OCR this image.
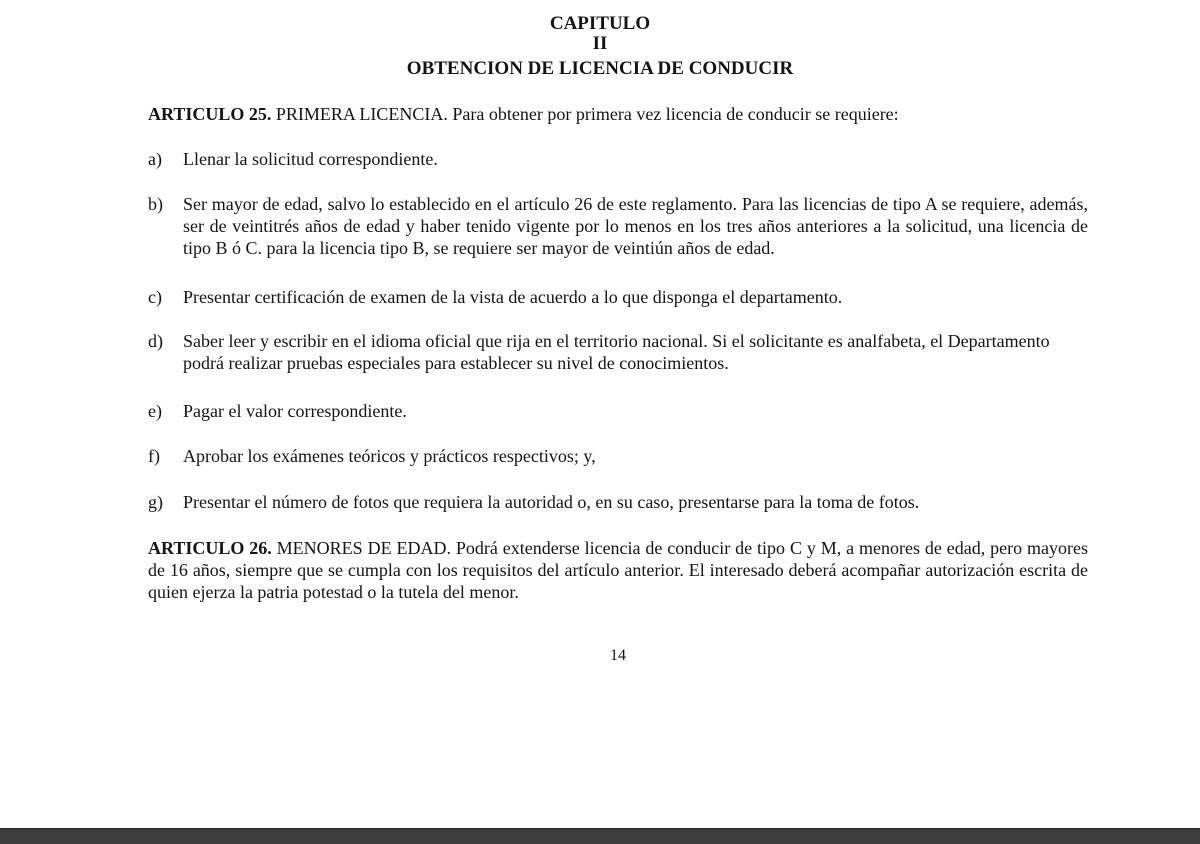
CAPITULO
II
OBTENCION DE LICENCIA DE CONDUCIR

ARTICULO 25. PRIMERA LICENCIA. Para obtener por primera vez licencia de conducir se requiere:

a)	Llenar la solicitud correspondiente.
b)	Ser mayor de edad, salvo lo establecido en el artículo 26 de este reglamento. Para las licencias de tipo A se requiere, además, ser de veintitrés años de edad y haber tenido vigente por lo menos en los tres años anteriores a la solicitud, una licencia de tipo B ó C. para la licencia tipo B, se requiere ser mayor de veintiún años de edad.
c)	Presentar certificación de examen de la vista de acuerdo a lo que disponga el departamento.
d)	Saber leer y escribir en el idioma oficial que rija en el territorio nacional. Si el solicitante es analfabeta, el Departamento podrá realizar pruebas especiales para establecer su nivel de conocimientos.
e)	Pagar el valor correspondiente.
f)	Aprobar los exámenes teóricos y prácticos respectivos; y,
g)	Presentar el número de fotos que requiera la autoridad o, en su caso, presentarse para la toma de fotos.

ARTICULO 26. MENORES DE EDAD. Podrá extenderse licencia de conducir de tipo C y M, a menores de edad, pero mayores de 16 años, siempre que se cumpla con los requisitos del artículo anterior. El interesado deberá acompañar autorización escrita de quien ejerza la patria potestad o la tutela del menor.

14
